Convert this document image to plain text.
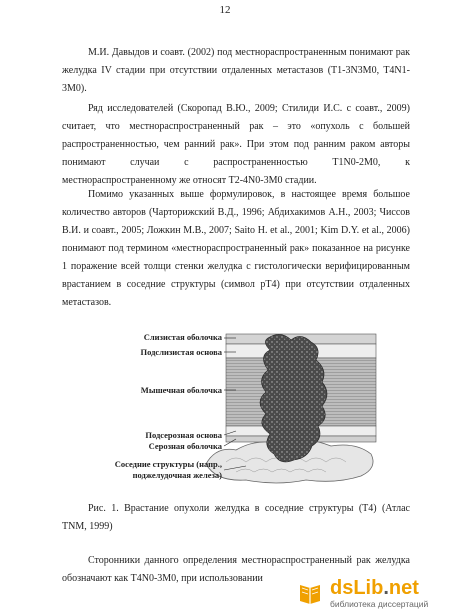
12

М.И. Давыдов и соавт. (2002) под местнораспространенным понимают рак желудка IV стадии при отсутствии отдаленных метастазов (T1-3N3M0, T4N1-3M0).

Ряд исследователей (Скоропад В.Ю., 2009; Стилиди И.С. с соавт., 2009) считает, что местнораспространенный рак – это «опухоль с большей распространенностью, чем ранний рак». При этом под ранним раком авторы понимают случаи с распространенностью T1N0-2M0, к местнораспространенному же относят T2-4N0-3M0 стадии.

Помимо указанных выше формулировок, в настоящее время большое количество авторов (Чарторижский В.Д., 1996; Абдихакимов А.Н., 2003; Чиссов В.И. и соавт., 2005; Ложкин М.В., 2007; Saito H. et al., 2001; Kim D.Y. et al., 2006) понимают под термином «местнораспространенный рак» показанное на рисунке 1 поражение всей толщи стенки желудка с гистологически верифицированным врастанием в соседние структуры (символ pT4) при отсутствии отдаленных метастазов.

Слизистая оболочка
Подслизистая основа
Мышечная оболочка
Подсерозная основа
Серозная оболочка
Соседние структуры (напр.,
поджелудочная железа)

Рис. 1. Врастание опухоли желудка в соседние структуры (T4) (Атлас TNM, 1999)

Сторонники данного определения местнораспространенный рак желудка обозначают как T4N0-3M0, при использовании	dsLib.net
библиотека диссертаций
